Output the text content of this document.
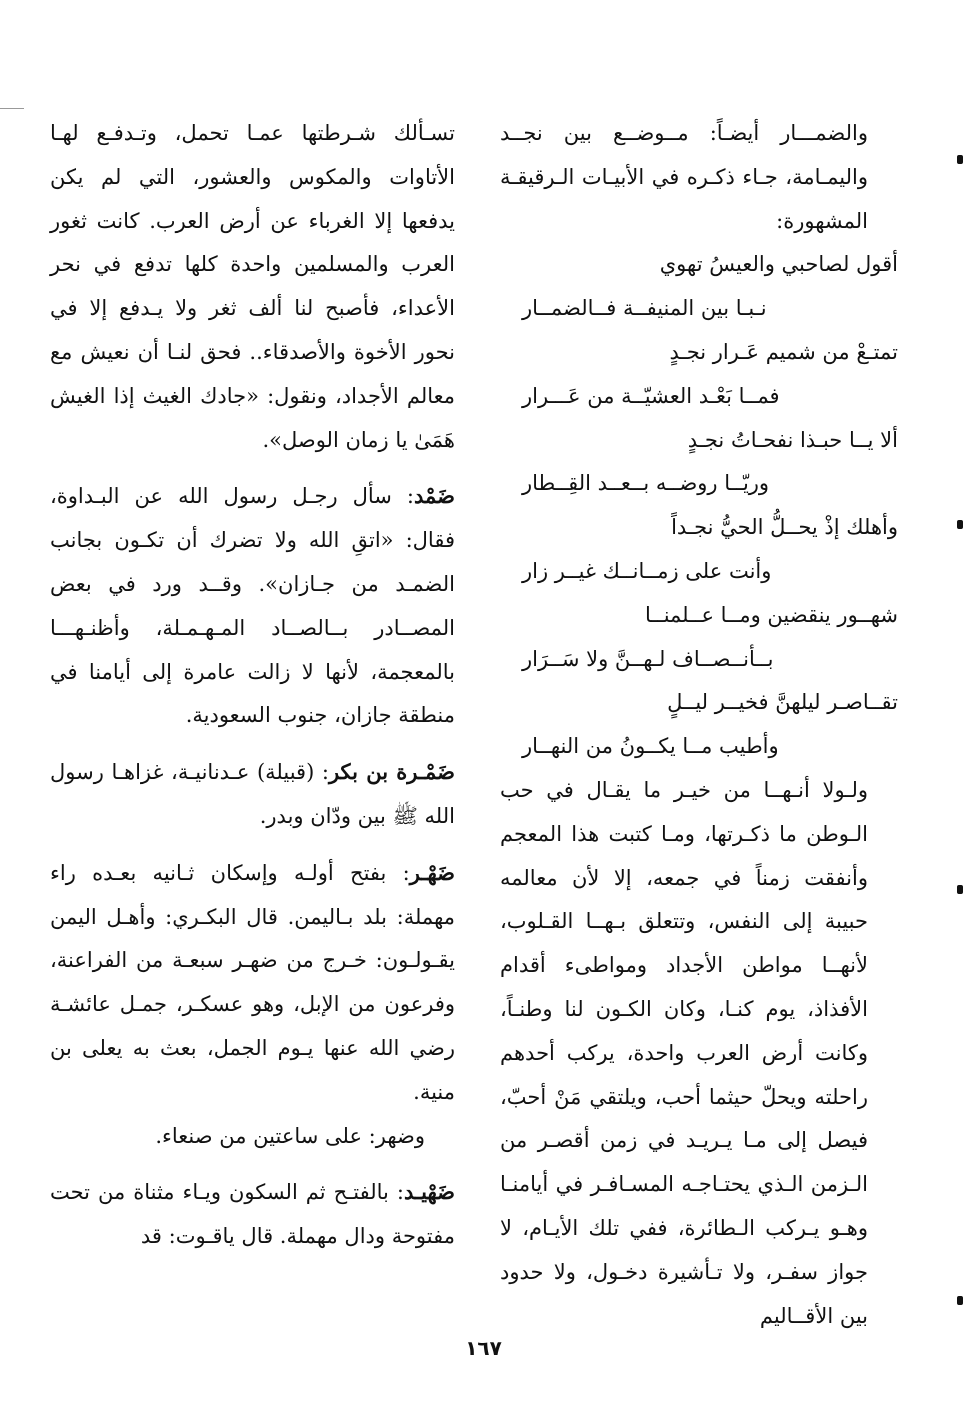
والضمـــار أيضـاً: مــوضــع بين نجــد واليمـامة، جـاء ذكـره في الأبيـات الـرقيقـة المشهورة:

أقول لصاحبي والعيسُ تهوي
نـبـا بين المنيفــة فــالضمــار
تمتـعْ من شميم عَـرار نجـدٍ
فمــا بَعْـد العشيّــة من عَـــرار
ألا يــا حبـذا نفحـاتُ نجـدٍ
وريّــا روضــه بــعــد القِــطار
وأهلك إذْ يحــلُّ الحيُّ نجـداً
وأنت على زمــانــك غيــر زار
شهــور ينقضين ومــا عــلمنــا
بــأنــصــاف لـهــنَّ ولا سَــرَار
تقــاصـر ليلهنَّ فخيــر ليــلٍ
وأطيب مــا يكــونُ من النهــار

ولـولا أنـهــا من خيـر ما يقـال في حب الـوطن ما ذكـرتها، ومـا كتبت هذا المعجم وأنفقت زمناً في جمعه، إلا لأن معالمه حبيبة إلى النفس، وتتعلق بـهــا القـلوب، لأنهــا مواطن الأجداد ومواطىء أقدام الأفذاذ، يوم كنـا، وكان الكـون لنا وطنـاً، وكانت أرض العرب واحدة، يركب أحدهم راحلته ويحلّ حيثما أحب، ويلتقي مَنْ أحبّ، فيصل إلى مـا يـريـد في زمن أقصـر من الـزمن الـذي يحتـاجـه المسـافـر في أيامنـا وهـو يـركب الـطائرة، ففي تلك الأيـام، لا جواز سفـر، ولا تـأشيرة دخـول، ولا حدود بين الأقــاليم

تسـألك شـرطتها عمـا تحمل، وتـدفـع لهـا الأتاوات والمكوس والعشور، التي لم يكن يدفعها إلا الغرباء عن أرض العرب. كانت ثغور العرب والمسلمين واحدة كلها تدفع في نحر الأعداء، فأصبح لنا ألف ثغر ولا يـدفع إلا في نحور الأخوة والأصدقاء.. فحق لنـا أن نعيش مع معالم الأجداد، ونقول: «جادك الغيث إذا الغيش هَمَىٰ يا زمان الوصل».

ضَمْد: سأل رجـل رسول الله عن البـداوة، فقال: «اتقِ الله ولا تضرك أن تكـون بجانب الضمـد من جـازان». وقــد ورد في بعض المصــادر بــالصــاد المـهـمـلة، وأظنـهـــا بالمعجمة، لأنها لا زالت عامرة إلى أيامنا في منطقة جازان، جنوب السعودية.

ضَمْـرة بن بكر: (قبيلة) عـدنانيـة، غزاهـا رسول الله ﷺ بين ودّان وبدر.

ضَهْـر: بفتح أولـه وإسكان ثـانيه بعـده راء مهملة: بلد بـاليمن. قال البكـري: وأهـل اليمن يقـولـون: خـرج من ضهـر سبعـة من الفراعنة، وفرعون من الإبل، وهو عسكـر، جمـل عائشـة رضي الله عنها يـوم الجمل، بعث به يعلى بن منية.

وضهر: على ساعتين من صنعاء.

ضَهْيـد: بالفتـح ثم السكون ويـاء مثناة من تحت مفتوحة ودال مهملة. قال ياقـوت: قد

١٦٧
